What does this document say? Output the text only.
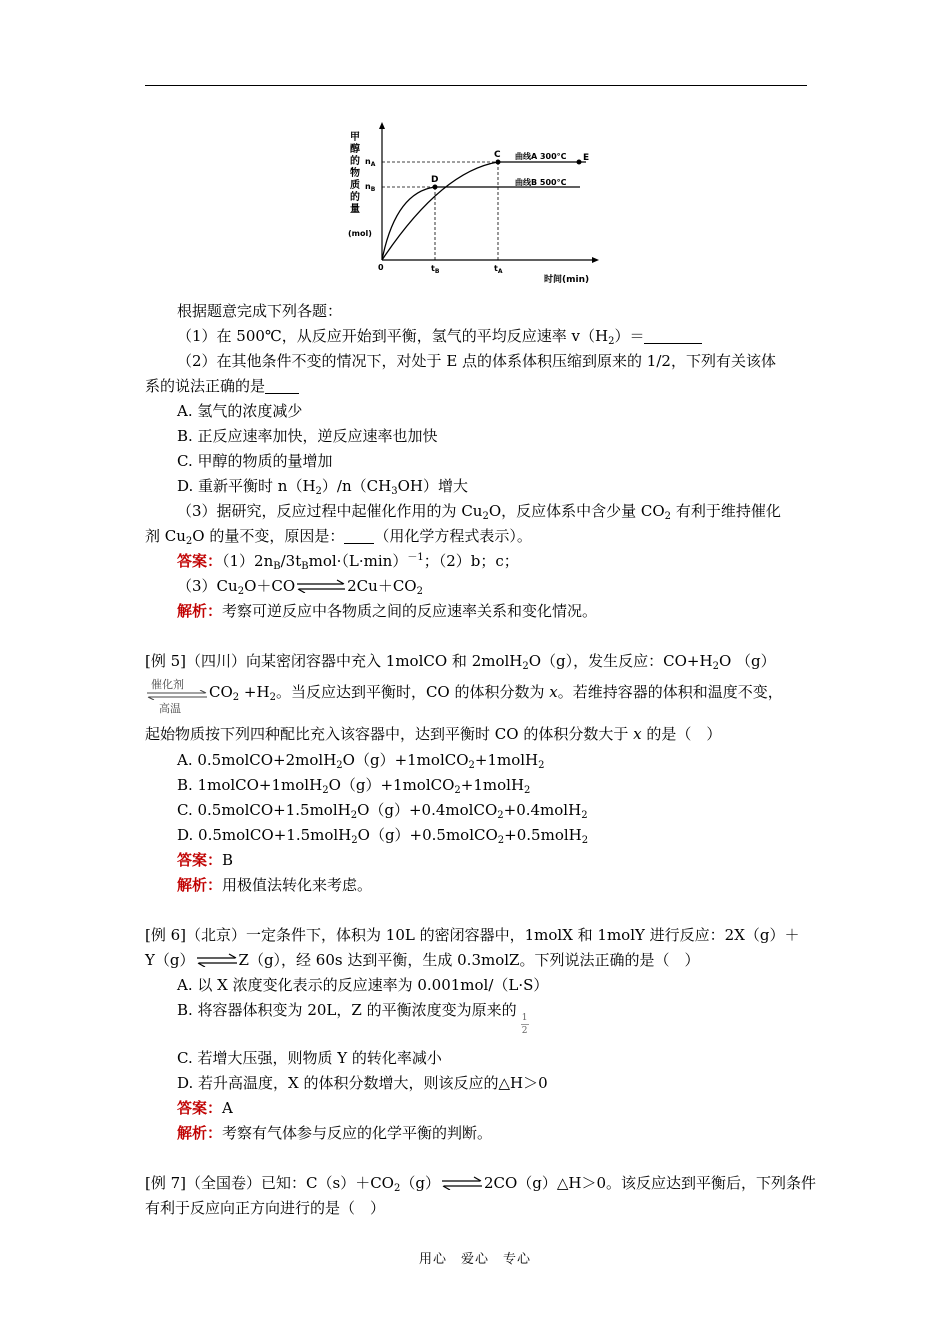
甲
醇
的
物
质
的
量
(mol)
C
D
E
曲线A 300°C
曲线B 500°C
$n_A$
$n_B$
0	$t_B$	$t_A$
时间(min)
根据题意完成下列各题：
（1）在 500℃，从反应开始到平衡，氢气的平均反应速率 $v(H_2)=$
（2）在其他条件不变的情况下，对处于 E 点的体系体积压缩到原来的 1/2，下列有关该体
系的说法正确的是
A. 氢气的浓度减少
B. 正反应速率加快，逆反应速率也加快
C. 甲醇的物质的量增加
D. 重新平衡时 $n(H_2)/n(CH_3OH)$增大
（3）据研究，反应过程中起催化作用的为 $Cu_2O$，反应体系中含少量 $CO_2$ 有利于维持催化
剂 $Cu_2O$ 的量不变，原因是： （用化学方程式表示）。
答案：$(1)2n_B/3t_Bmol\cdot(L\cdot\min)^{-1}$；（2）b；c；
$(3)Cu_2O+CO\rightleftharpoons 2Cu+CO_2$
解析：考察可逆反应中各物质之间的反应速率关系和变化情况。
[例 5]（四川）向某密闭容器中充入 1molCO 和 2molH$_2$O（g），发生反应：$CO+H_2O$ （g）
催化剂
高温
$CO_2 +H_2$。当反应达到平衡时，CO 的体积分数为 x。若维持容器的体积和温度不变，
起始物质按下列四种配比充入该容器中，达到平衡时 CO 的体积分数大于 x 的是（　）
A. 0.5molCO+2molH$_2$O（g）+1molCO$_2$+1molH$_2$
B. 1molCO+1molH$_2$O（g）+1molCO$_2$+1molH$_2$
C. 0.5molCO+1.5molH$_2$O（g）+0.4molCO$_2$+0.4molH$_2$
D. 0.5molCO+1.5molH$_2$O（g）+0.5molCO$_2$+0.5molH$_2$
答案：B
解析：用极值法转化来考虑。
[例 6]（北京）一定条件下，体积为 10L 的密闭容器中，1molX 和 1molY 进行反应：2X（g）＋
Y（g）⇌Z（g），经 60s 达到平衡，生成 0.3molZ。下列说法正确的是（　）
A. 以 X 浓度变化表示的反应速率为 0.001mol/（L·S）
B. 将容器体积变为 20L，Z 的平衡浓度变为原来的$\frac{1}{2}$
C. 若增大压强，则物质 Y 的转化率减小
D. 若升高温度，X 的体积分数增大，则该反应的△H＞0
答案：A
解析：考察有气体参与反应的化学平衡的判断。
[例 7]（全国卷）已知：$C(s)+CO_2(g)\rightleftharpoons 2CO(g)\triangle H>0$。该反应达到平衡后，下列条件
有利于反应向正方向进行的是（　）
用心　爱心　专心
